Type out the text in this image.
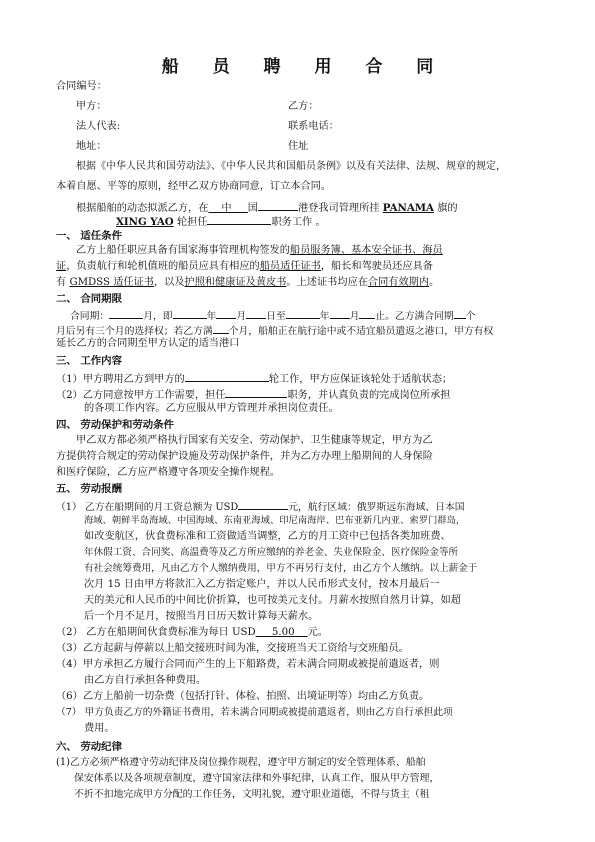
船 员 聘 用 合 同
合同编号：
甲方：	乙方：
法人代表:	联系电话：
地址：	住址
根据《中华人民共和国劳动法》、《中华人民共和国船员条例》以及有关法律、法规、规章的规定，
本着自愿、平等的原则，经甲乙双方协商同意，订立本合同。
根据船舶的动态拟派乙方，在 中 国	港登我司管理所挂 PANAMA 旗的
XING YAO 轮担任	职务工作 。
一、 适任条件
乙方上船任职应具备有国家海事管理机构签发的船员服务簿、基本安全证书、海员
证，负责航行和轮机值班的船员应具有相应的船员适任证书，船长和驾驶员还应具备
有 GMDSS 适任证书，以及护照和健康证及黄皮书。上述证书均应在合同有效期内。
二、 合同期限
合同期：	月，即	年 月 日至	年 月 止。乙方满合同期 个
月后另有三个月的选择权；若乙方满 个月，船舶正在航行途中或不适宜船员遣返之港口，甲方有权
延长乙方的合同期至甲方认定的适当港口
三、 工作内容
（1）甲方聘用乙方到甲方的	轮工作，甲方应保证该轮处于适航状态；
（2）乙方同意按甲方工作需要，担任	职务，并认真负责的完成岗位所承担
的各项工作内容。乙方应服从甲方管理并承担岗位责任。
四、 劳动保护和劳动条件
甲乙双方都必须严格执行国家有关安全、劳动保护、卫生健康等规定，甲方为乙
方提供符合规定的劳动保护设施及劳动保护条件，并为乙方办理上船期间的人身保险
和医疗保险，乙方应严格遵守各项安全操作规程。
五、 劳动报酬
（1） 乙方在船期间的月工资总额为 USD	元，航行区域：俄罗斯远东海域、日本国
海域、朝鲜半岛海域、中国海域、东南亚海域、印尼南海岸、巴布亚新几内亚、索罗门群岛，
如改变航区，伙食费标准和工资做适当调整，乙方的月工资中已包括各类加班费、
年休假工资、合同奖、高温费等及乙方所应缴纳的养老金、失业保险金、医疗保险金等所
有社会统筹费用，凡由乙方个人缴纳费用，甲方不再另行支付，由乙方个人缴纳。以上薪金于
次月 15 日由甲方将款汇入乙方指定账户，并以人民币形式支付，按本月最后一
天的美元和人民币的中间比价折算，也可按美元支付。月薪水按照自然月计算，如超
后一个月不足月，按照当月日历天数计算每天薪水。
（2） 乙方在船期间伙食费标准为每日 USD 5.00 元。
（3）乙方起薪与停薪以上船交接班时间为准，交接班当天工资给与交班船员。
（4）甲方承担乙方履行合同而产生的上下船路费，若未满合同期或被提前遣返者，则
由乙方自行承担各种费用。
（6）乙方上船前一切杂费（包括打针、体检、拍照、出境证明等）均由乙方负责。
（7） 甲方负责乙方的外籍证书费用，若未满合同期或被提前遣返者，则由乙方自行承担此项
费用。
六、 劳动纪律
(1)乙方必须严格遵守劳动纪律及岗位操作规程，遵守甲方制定的安全管理体系、船舶
保安体系以及各项规章制度，遵守国家法律和外事纪律，认真工作，服从甲方管理，
不折不扣地完成甲方分配的工作任务，文明礼貌，遵守职业道德，不得与货主（租
